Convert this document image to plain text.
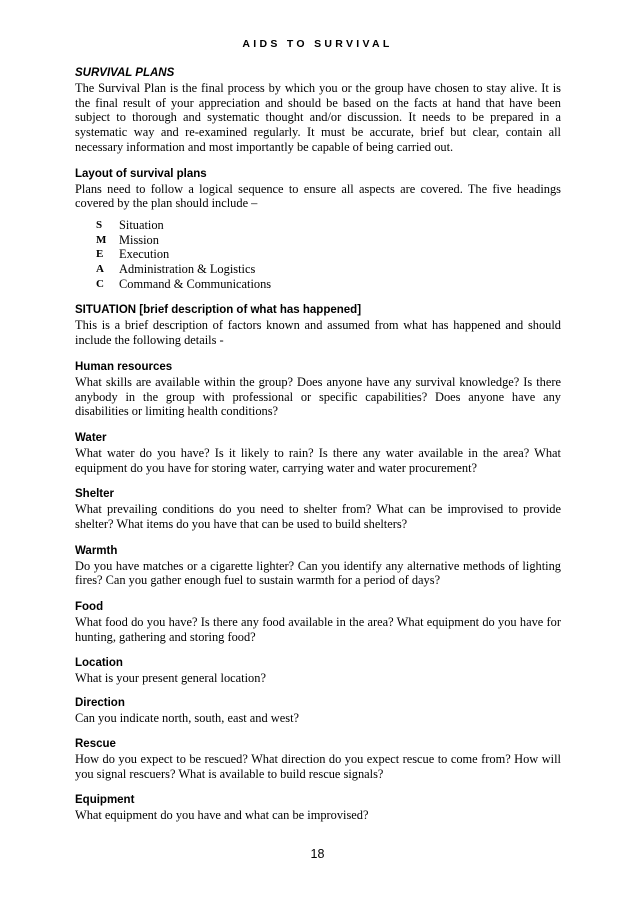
AIDS TO SURVIVAL

SURVIVAL PLANS

The Survival Plan is the final process by which you or the group have chosen to stay alive. It is the final result of your appreciation and should be based on the facts at hand that have been subject to thorough and systematic thought and/or discussion. It needs to be prepared in a systematic way and re-examined regularly. It must be accurate, brief but clear, contain all necessary information and most importantly be capable of being carried out.

Layout of survival plans

Plans need to follow a logical sequence to ensure all aspects are covered. The five headings covered by the plan should include –

S	Situation
M	Mission
E	Execution
A	Administration & Logistics
C	Command & Communications

SITUATION [brief description of what has happened]

This is a brief description of factors known and assumed from what has happened and should include the following details -

Human resources

What skills are available within the group? Does anyone have any survival knowledge? Is there anybody in the group with professional or specific capabilities? Does anyone have any disabilities or limiting health conditions?

Water

What water do you have? Is it likely to rain? Is there any water available in the area? What equipment do you have for storing water, carrying water and water procurement?

Shelter

What prevailing conditions do you need to shelter from? What can be improvised to provide shelter? What items do you have that can be used to build shelters?

Warmth

Do you have matches or a cigarette lighter? Can you identify any alternative methods of lighting fires? Can you gather enough fuel to sustain warmth for a period of days?

Food

What food do you have? Is there any food available in the area? What equipment do you have for hunting, gathering and storing food?

Location

What is your present general location?

Direction

Can you indicate north, south, east and west?

Rescue

How do you expect to be rescued? What direction do you expect rescue to come from? How will you signal rescuers? What is available to build rescue signals?

Equipment

What equipment do you have and what can be improvised?

18
